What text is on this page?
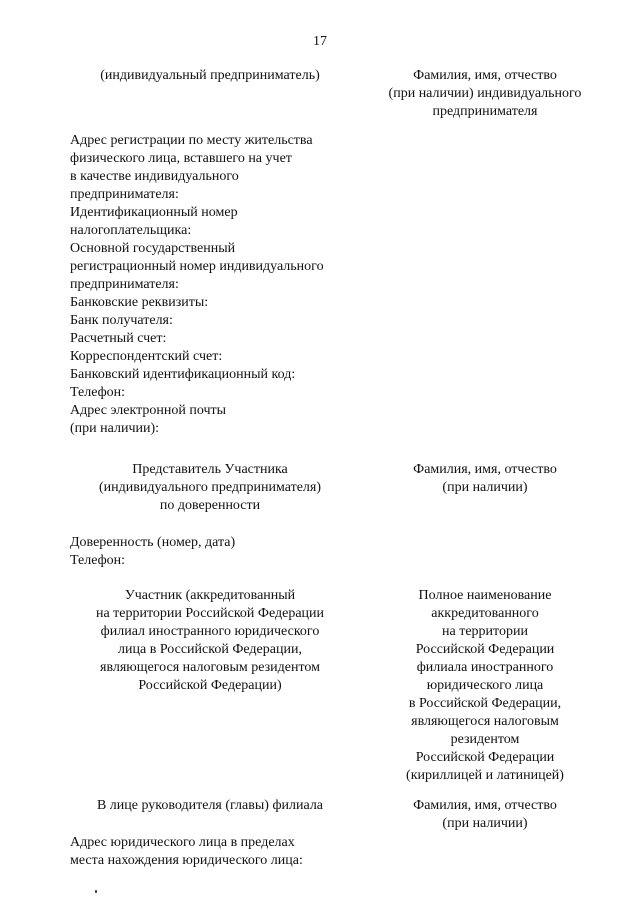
17
(индивидуальный предприниматель)	Фамилия, имя, отчество
(при наличии) индивидуального
предпринимателя
Адрес регистрации по месту жительства
физического лица, вставшего на учет
в качестве индивидуального
предпринимателя:
Идентификационный номер
налогоплательщика:
Основной государственный
регистрационный номер индивидуального
предпринимателя:
Банковские реквизиты:
Банк получателя:
Расчетный счет:
Корреспондентский счет:
Банковский идентификационный код:
Телефон:
Адрес электронной почты
(при наличии):
Представитель Участника
(индивидуального предпринимателя)
по доверенности
Фамилия, имя, отчество
(при наличии)
Доверенность (номер, дата)
Телефон:
Участник (аккредитованный
на территории Российской Федерации
филиал иностранного юридического
лица в Российской Федерации,
являющегося налоговым резидентом
Российской Федерации)
Полное наименование
аккредитованного
на территории
Российской Федерации
филиала иностранного
юридического лица
в Российской Федерации,
являющегося налоговым
резидентом
Российской Федерации
(кириллицей и латиницей)
В лице руководителя (главы) филиала	Фамилия, имя, отчество
(при наличии)
Адрес юридического лица в пределах
места нахождения юридического лица:
